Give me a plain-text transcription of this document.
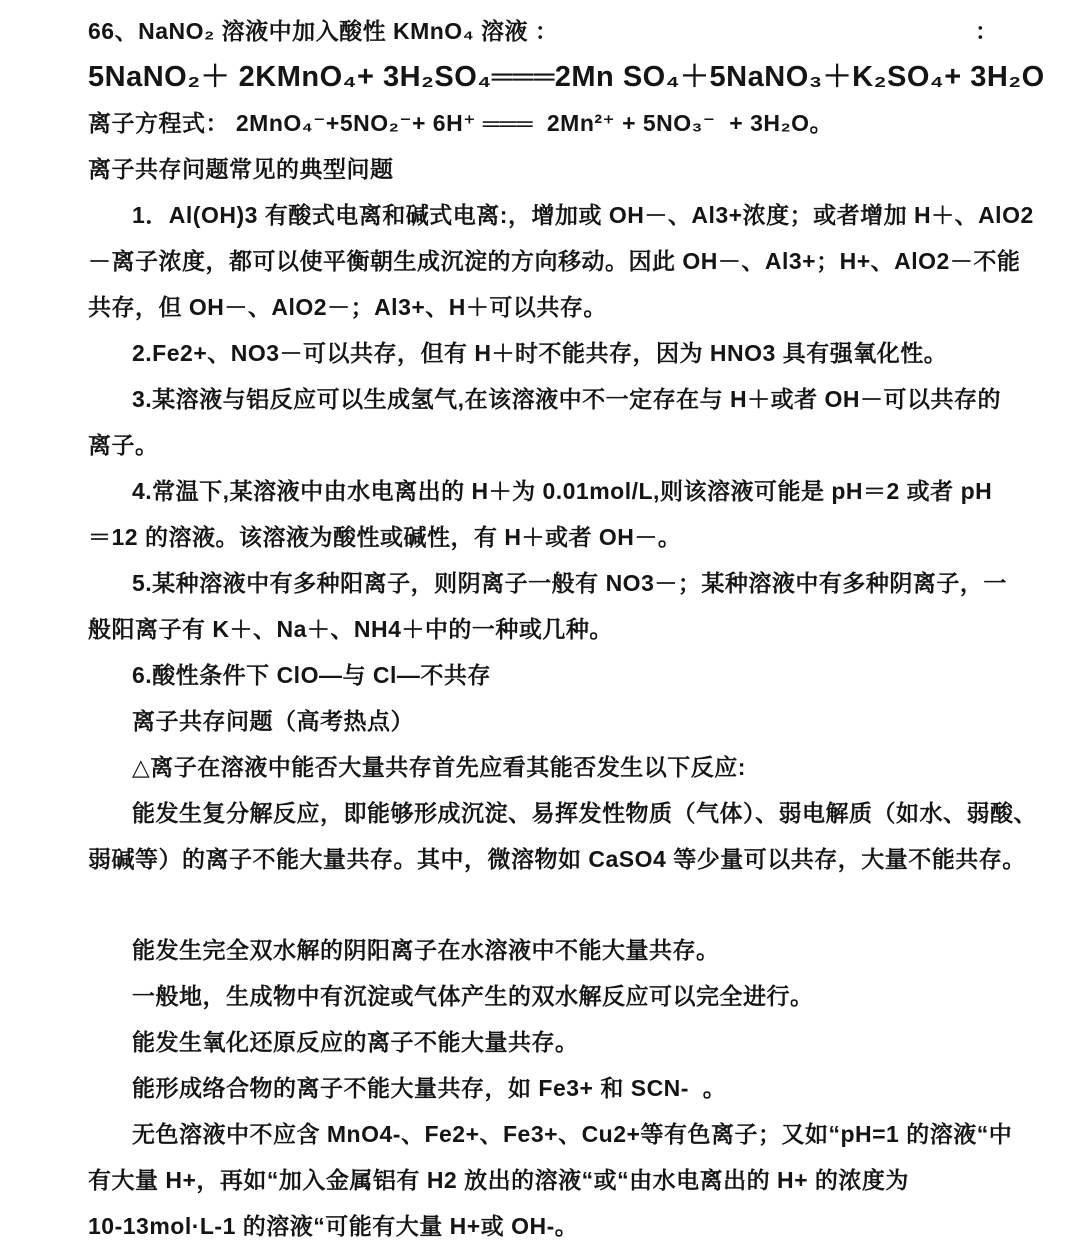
66、NaNO₂ 溶液中加入酸性 KMnO₄ 溶液 ：	：
5NaNO₂＋ 2KMnO₄+ 3H₂SO₄═══2Mn SO₄＋5NaNO₃＋K₂SO₄+ 3H₂O
离子方程式： 2MnO₄⁻+5NO₂⁻+ 6H⁺ ═══  2Mn²⁺ + 5NO₃⁻  + 3H₂O。
离子共存问题常见的典型问题
1．Al(OH)3 有酸式电离和碱式电离:，增加或 OH－、Al3+浓度；或者增加 H＋、AlO2
－离子浓度，都可以使平衡朝生成沉淀的方向移动。因此 OH－、Al3+；H+、AlO2－不能
共存，但 OH－、AlO2－；Al3+、H＋可以共存。
2.Fe2+、NO3－可以共存，但有 H＋时不能共存，因为 HNO3 具有强氧化性。
3.某溶液与铝反应可以生成氢气,在该溶液中不一定存在与 H＋或者 OH－可以共存的
离子。
4.常温下,某溶液中由水电离出的 H＋为 0.01mol/L,则该溶液可能是 pH＝2 或者 pH
＝12 的溶液。该溶液为酸性或碱性，有 H＋或者 OH－。
5.某种溶液中有多种阳离子，则阴离子一般有 NO3－；某种溶液中有多种阴离子，一
般阳离子有 K＋、Na＋、NH4＋中的一种或几种。
6.酸性条件下 ClO—与 Cl—不共存
离子共存问题（高考热点）
△离子在溶液中能否大量共存首先应看其能否发生以下反应:
能发生复分解反应，即能够形成沉淀、易挥发性物质（气体）、弱电解质（如水、弱酸、
弱碱等）的离子不能大量共存。其中，微溶物如 CaSO4 等少量可以共存，大量不能共存。
能发生完全双水解的阴阳离子在水溶液中不能大量共存。
一般地，生成物中有沉淀或气体产生的双水解反应可以完全进行。
能发生氧化还原反应的离子不能大量共存。
能形成络合物的离子不能大量共存，如 Fe3+ 和 SCN-  。
无色溶液中不应含 MnO4-、Fe2+、Fe3+、Cu2+等有色离子；又如“pH=1 的溶液“中
有大量 H+，再如“加入金属铝有 H2 放出的溶液“或“由水电离出的 H+ 的浓度为
10-13mol·L-1 的溶液“可能有大量 H+或 OH-。
